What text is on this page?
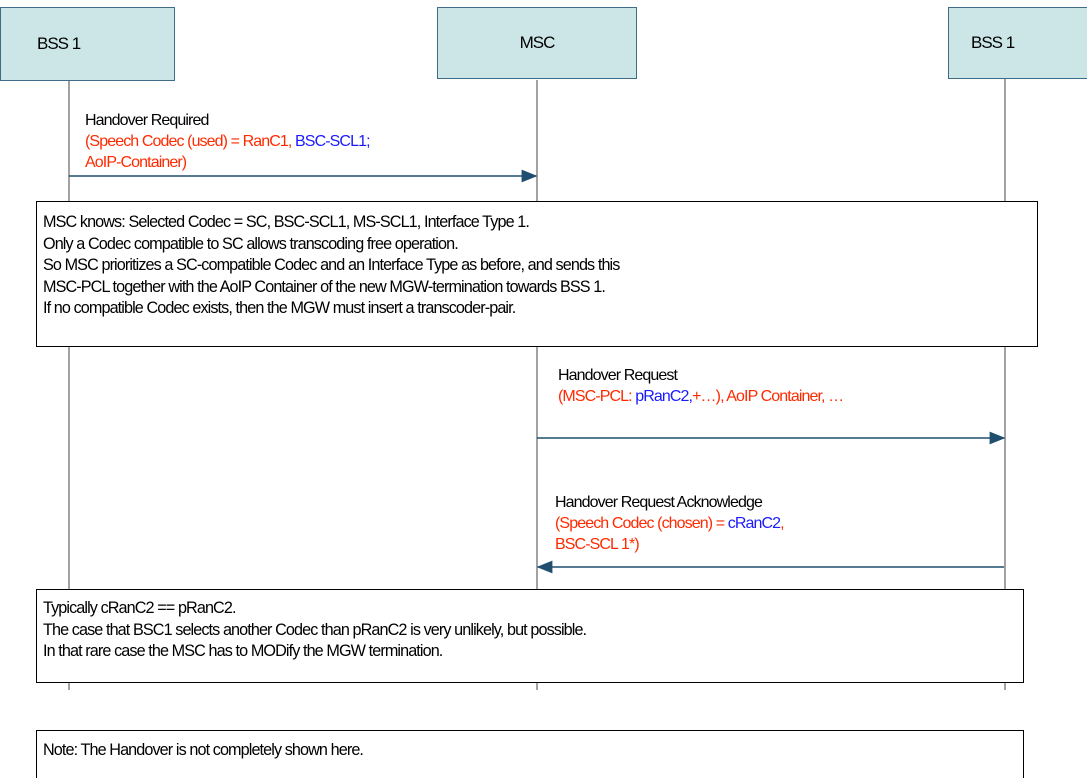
BSS 1	MSC	BSS 1
Handover Required
(Speech Codec (used) = RanC1, BSC-SCL1;
AoIP-Container)
MSC knows: Selected Codec = SC, BSC-SCL1, MS-SCL1, Interface Type 1.
Only a Codec compatible to SC allows transcoding free operation.
So MSC prioritizes a SC-compatible Codec and an Interface Type as before, and sends this
MSC-PCL together with the AoIP Container of the new MGW-termination towards BSS 1.
If no compatible Codec exists, then the MGW must insert a transcoder-pair.
Handover Request
(MSC-PCL: pRanC2,+…), AoIP Container, …
Handover Request Acknowledge
(Speech Codec (chosen) = cRanC2,
BSC-SCL 1*)
Typically cRanC2 == pRanC2.
The case that BSC1 selects another Codec than pRanC2 is very unlikely, but possible.
In that rare case the MSC has to MODify the MGW termination.
Note: The Handover is not completely shown here.
